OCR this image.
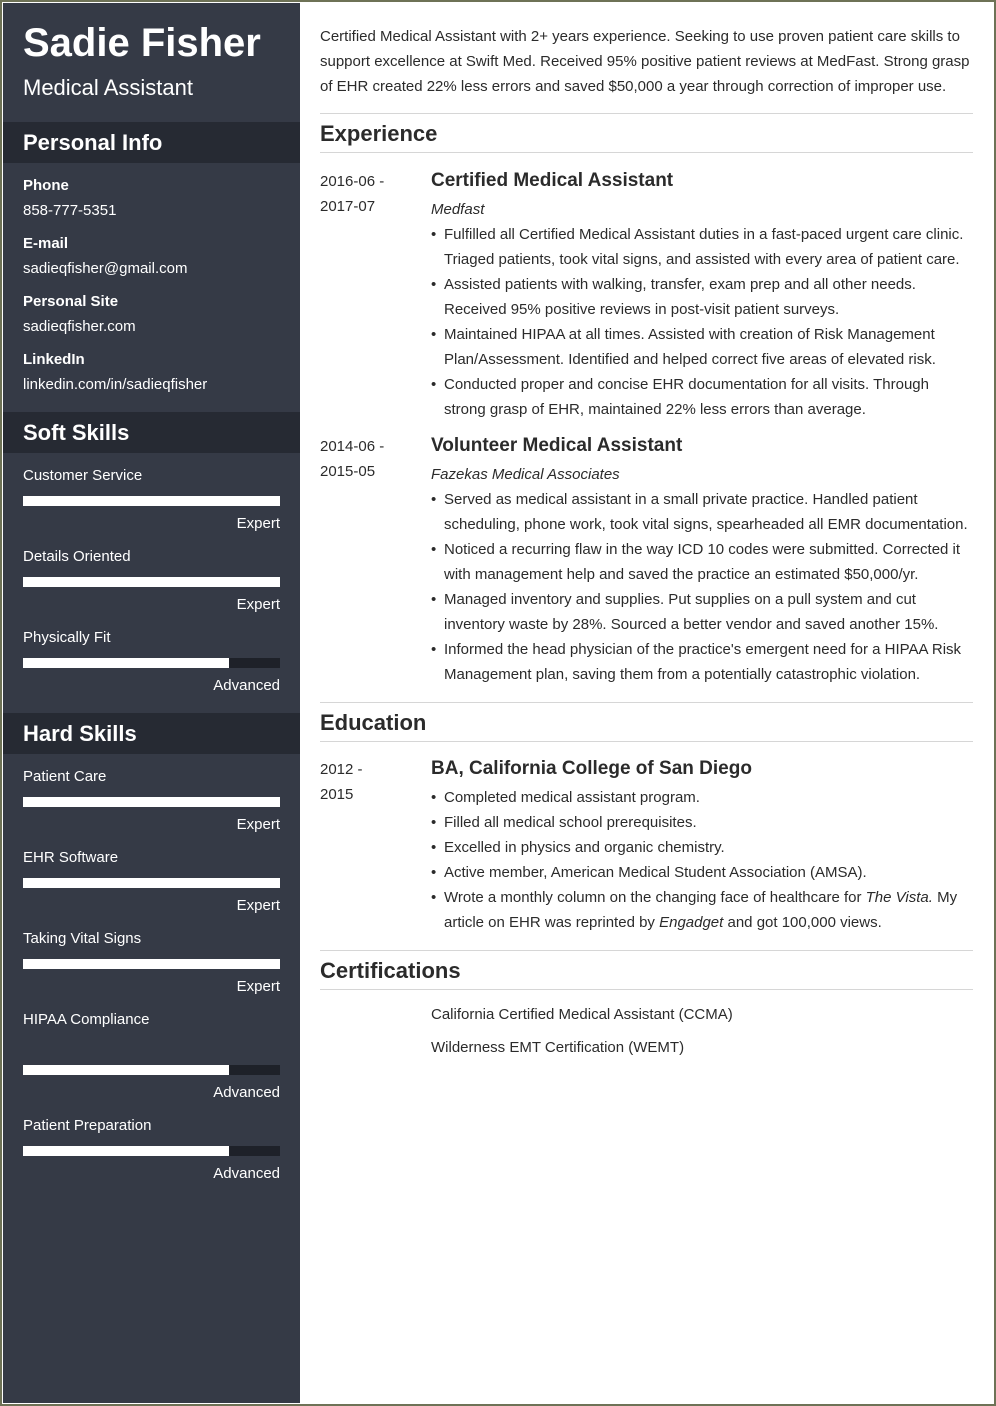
Sadie Fisher
Medical Assistant
Personal Info
Phone
858-777-5351
E-mail
sadieqfisher@gmail.com
Personal Site
sadieqfisher.com
LinkedIn
linkedin.com/in/sadieqfisher
Soft Skills
Customer Service
Expert
Details Oriented
Expert
Physically Fit
Advanced
Hard Skills
Patient Care
Expert
EHR Software
Expert
Taking Vital Signs
Expert
HIPAA Compliance
Advanced
Patient Preparation
Advanced
Certified Medical Assistant with 2+ years experience. Seeking to use proven patient care skills to support excellence at Swift Med. Received 95% positive patient reviews at MedFast. Strong grasp of EHR created 22% less errors and saved $50,000 a year through correction of improper use.
Experience
2016-06 -
2017-07
Certified Medical Assistant
Medfast
• Fulfilled all Certified Medical Assistant duties in a fast-paced urgent care clinic. Triaged patients, took vital signs, and assisted with every area of patient care.
• Assisted patients with walking, transfer, exam prep and all other needs. Received 95% positive reviews in post-visit patient surveys.
• Maintained HIPAA at all times. Assisted with creation of Risk Management Plan/Assessment. Identified and helped correct five areas of elevated risk.
• Conducted proper and concise EHR documentation for all visits. Through strong grasp of EHR, maintained 22% less errors than average.
2014-06 -
2015-05
Volunteer Medical Assistant
Fazekas Medical Associates
• Served as medical assistant in a small private practice. Handled patient scheduling, phone work, took vital signs, spearheaded all EMR documentation.
• Noticed a recurring flaw in the way ICD 10 codes were submitted. Corrected it with management help and saved the practice an estimated $50,000/yr.
• Managed inventory and supplies. Put supplies on a pull system and cut inventory waste by 28%. Sourced a better vendor and saved another 15%.
• Informed the head physician of the practice's emergent need for a HIPAA Risk Management plan, saving them from a potentially catastrophic violation.
Education
2012 -
2015
BA, California College of San Diego
• Completed medical assistant program.
• Filled all medical school prerequisites.
• Excelled in physics and organic chemistry.
• Active member, American Medical Student Association (AMSA).
• Wrote a monthly column on the changing face of healthcare for The Vista. My article on EHR was reprinted by Engadget and got 100,000 views.
Certifications
California Certified Medical Assistant (CCMA)
Wilderness EMT Certification (WEMT)
